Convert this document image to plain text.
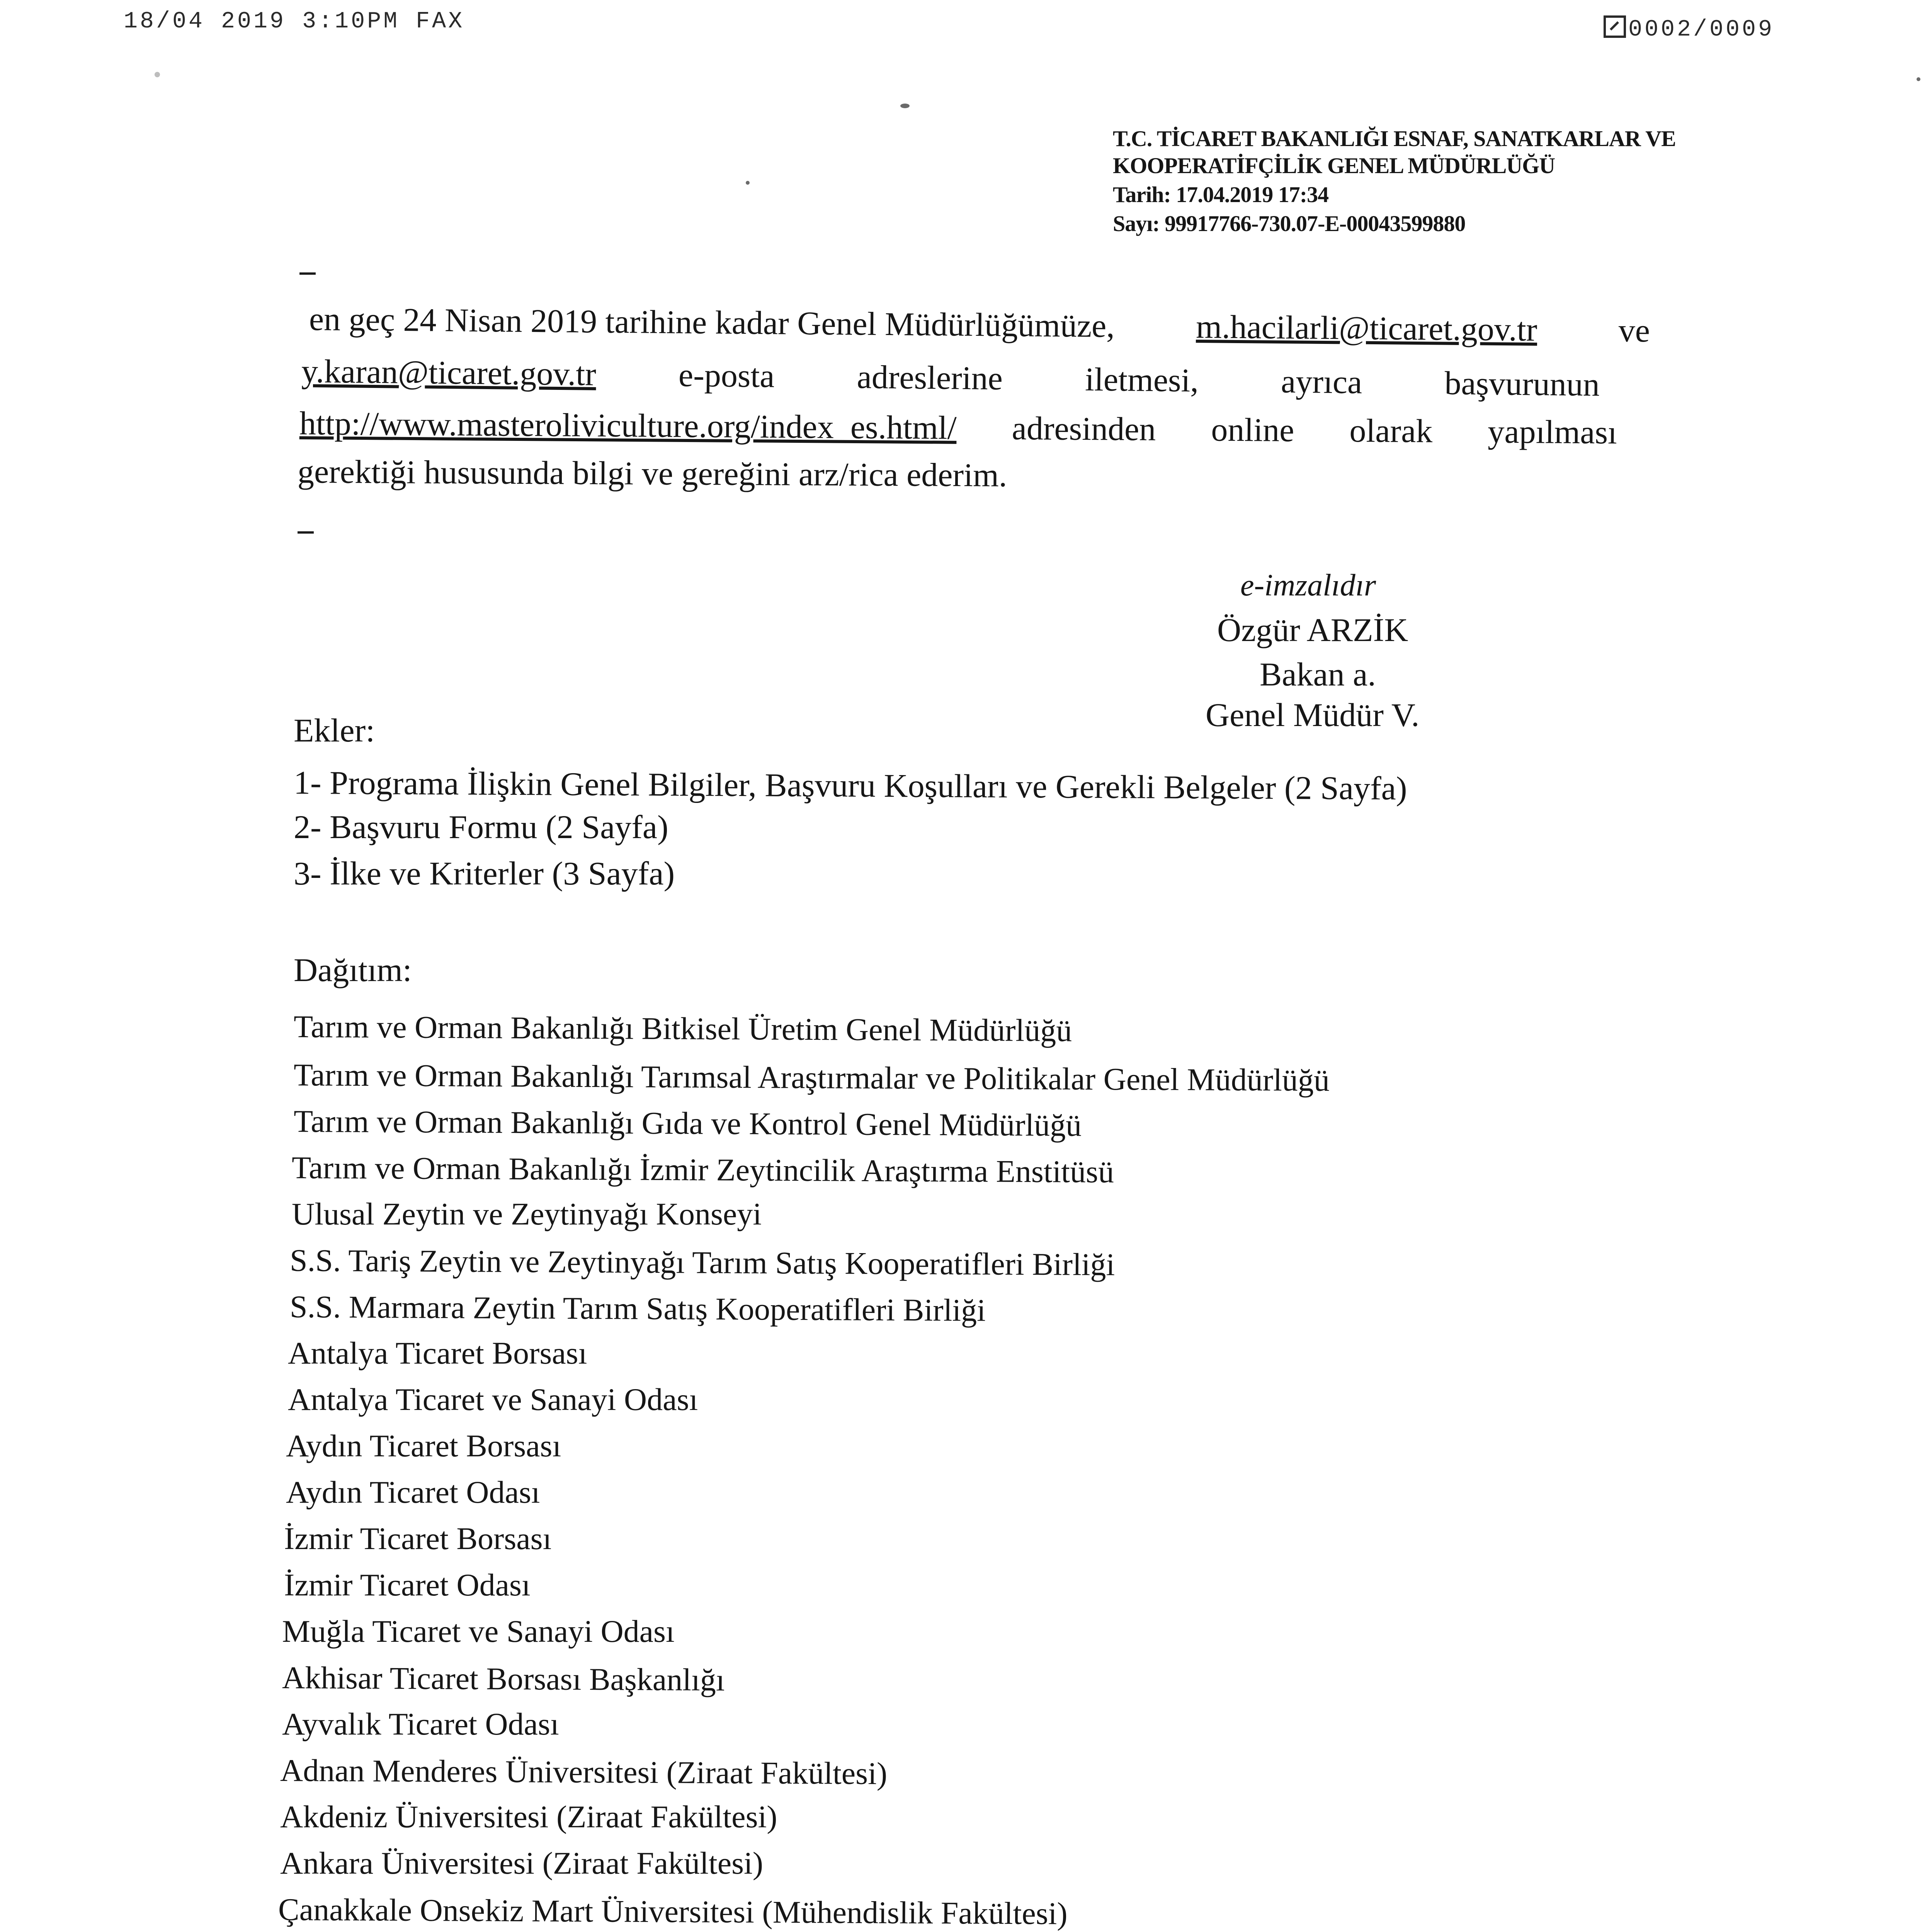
18/04 2019 3:10PM FAX	0002/0009
T.C. TİCARET BAKANLIĞI ESNAF, SANATKARLAR VE
KOOPERATİFÇİLİK GENEL MÜDÜRLÜĞÜ
Tarih: 17.04.2019 17:34
Sayı: 99917766-730.07-E-00043599880
en geç 24 Nisan 2019 tarihine kadar Genel Müdürlüğümüze, m.hacilarli@ticaret.gov.tr ve
y.karan@ticaret.gov.tr e-posta adreslerine iletmesi, ayrıca başvurunun
http://www.masteroliviculture.org/index_es.html/ adresinden online olarak yapılması
gerektiği hususunda bilgi ve gereğini arz/rica ederim.
e-imzalıdır
Özgür ARZİK
Bakan a.
Genel Müdür V.
Ekler:
1- Programa İlişkin Genel Bilgiler, Başvuru Koşulları ve Gerekli Belgeler (2 Sayfa)
2- Başvuru Formu (2 Sayfa)
3- İlke ve Kriterler (3 Sayfa)
Dağıtım:
Tarım ve Orman Bakanlığı Bitkisel Üretim Genel Müdürlüğü
Tarım ve Orman Bakanlığı Tarımsal Araştırmalar ve Politikalar Genel Müdürlüğü
Tarım ve Orman Bakanlığı Gıda ve Kontrol Genel Müdürlüğü
Tarım ve Orman Bakanlığı İzmir Zeytincilik Araştırma Enstitüsü
Ulusal Zeytin ve Zeytinyağı Konseyi
S.S. Tariş Zeytin ve Zeytinyağı Tarım Satış Kooperatifleri Birliği
S.S. Marmara Zeytin Tarım Satış Kooperatifleri Birliği
Antalya Ticaret Borsası
Antalya Ticaret ve Sanayi Odası
Aydın Ticaret Borsası
Aydın Ticaret Odası
İzmir Ticaret Borsası
İzmir Ticaret Odası
Muğla Ticaret ve Sanayi Odası
Akhisar Ticaret Borsası Başkanlığı
Ayvalık Ticaret Odası
Adnan Menderes Üniversitesi (Ziraat Fakültesi)
Akdeniz Üniversitesi (Ziraat Fakültesi)
Ankara Üniversitesi (Ziraat Fakültesi)
Çanakkale Onsekiz Mart Üniversitesi (Mühendislik Fakültesi)
